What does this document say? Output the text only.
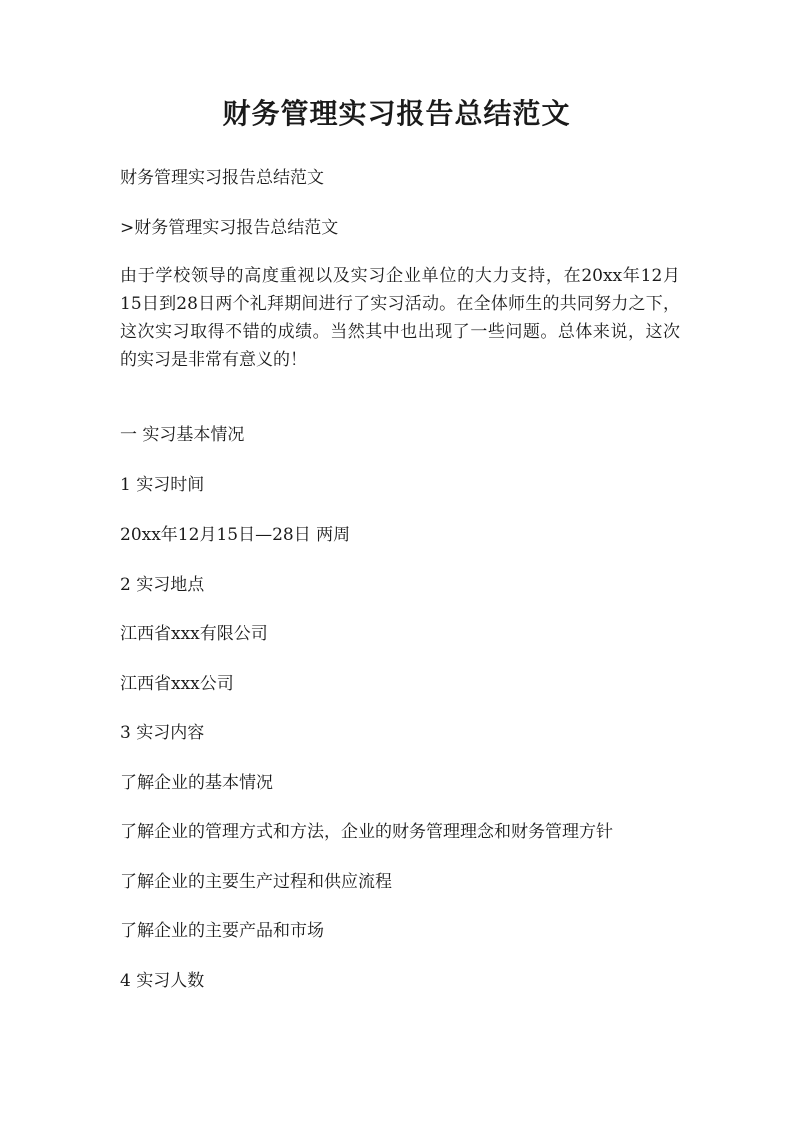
财务管理实习报告总结范文
财务管理实习报告总结范文
>财务管理实习报告总结范文
由于学校领导的高度重视以及实习企业单位的大力支持，在20xx年12月15日到28日两个礼拜期间进行了实习活动。在全体师生的共同努力之下，这次实习取得不错的成绩。当然其中也出现了一些问题。总体来说，这次的实习是非常有意义的！
一 实习基本情况
1 实习时间
20xx年12月15日—28日 两周
2 实习地点
江西省xxx有限公司
江西省xxx公司
3 实习内容
了解企业的基本情况
了解企业的管理方式和方法，企业的财务管理理念和财务管理方针
了解企业的主要生产过程和供应流程
了解企业的主要产品和市场
4 实习人数
